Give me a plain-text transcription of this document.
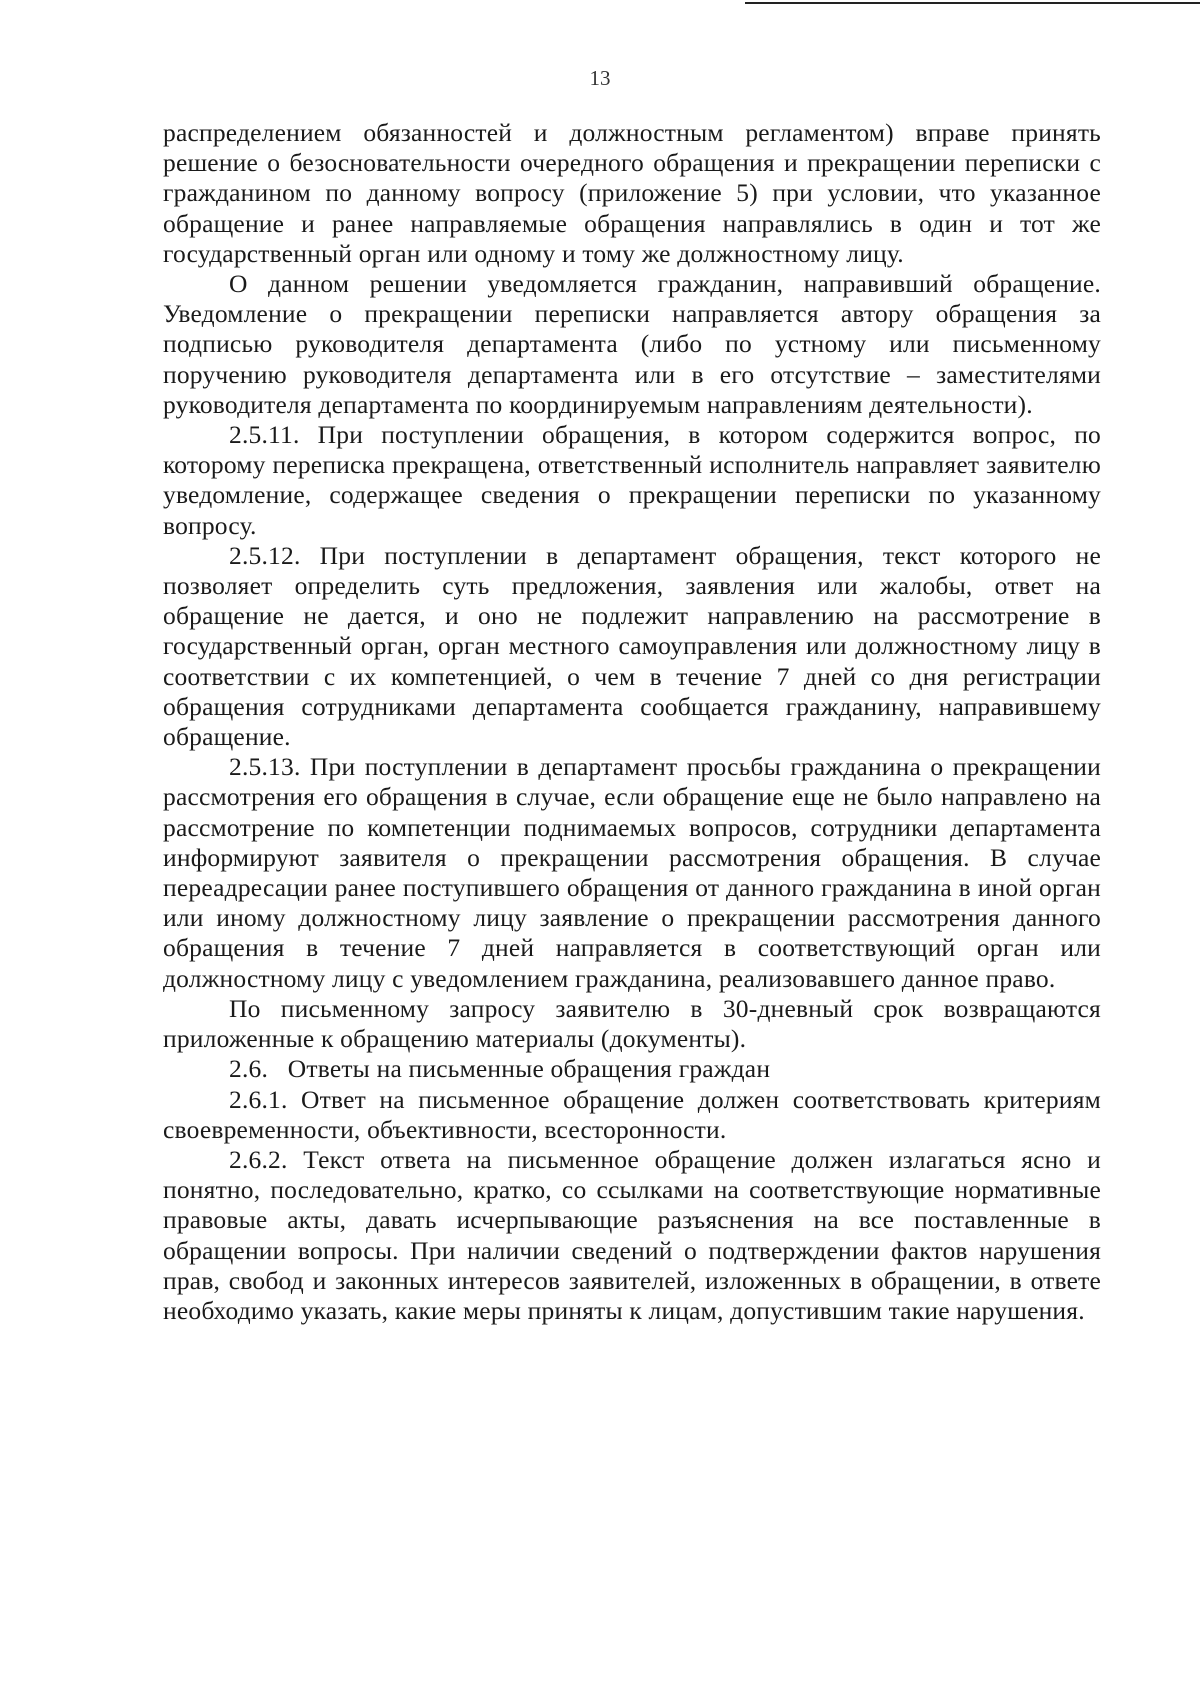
13

распределением обязанностей и должностным регламентом) вправе принять решение о безосновательности очередного обращения и прекращении переписки с гражданином по данному вопросу (приложение 5) при условии, что указанное обращение и ранее направляемые обращения направлялись в один и тот же государственный орган или одному и тому же должностному лицу.

О данном решении уведомляется гражданин, направивший обращение. Уведомление о прекращении переписки направляется автору обращения за подписью руководителя департамента (либо по устному или письменному поручению руководителя департамента или в его отсутствие – заместителями руководителя департамента по координируемым направлениям деятельности).

2.5.11. При поступлении обращения, в котором содержится вопрос, по которому переписка прекращена, ответственный исполнитель направляет заявителю уведомление, содержащее сведения о прекращении переписки по указанному вопросу.

2.5.12. При поступлении в департамент обращения, текст которого не позволяет определить суть предложения, заявления или жалобы, ответ на обращение не дается, и оно не подлежит направлению на рассмотрение в государственный орган, орган местного самоуправления или должностному лицу в соответствии с их компетенцией, о чем в течение 7 дней со дня регистрации обращения сотрудниками департамента сообщается гражданину, направившему обращение.

2.5.13. При поступлении в департамент просьбы гражданина о прекращении рассмотрения его обращения в случае, если обращение еще не было направлено на рассмотрение по компетенции поднимаемых вопросов, сотрудники департамента информируют заявителя о прекращении рассмотрения обращения. В случае переадресации ранее поступившего обращения от данного гражданина в иной орган или иному должностному лицу заявление о прекращении рассмотрения данного обращения в течение 7 дней направляется в соответствующий орган или должностному лицу с уведомлением гражданина, реализовавшего данное право.

По письменному запросу заявителю в 30-дневный срок возвращаются приложенные к обращению материалы (документы).

2.6.   Ответы на письменные обращения граждан

2.6.1. Ответ на письменное обращение должен соответствовать критериям своевременности, объективности, всесторонности.

2.6.2. Текст ответа на письменное обращение должен излагаться ясно и понятно, последовательно, кратко, со ссылками на соответствующие нормативные правовые акты, давать исчерпывающие разъяснения на все поставленные в обращении вопросы. При наличии сведений о подтверждении фактов нарушения прав, свобод и законных интересов заявителей, изложенных в обращении, в ответе необходимо указать, какие меры приняты к лицам, допустившим такие нарушения.
